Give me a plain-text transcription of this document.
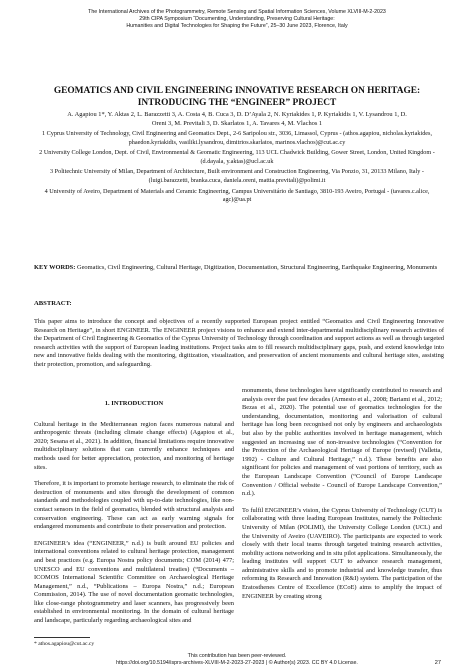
The International Archives of the Photogrammetry, Remote Sensing and Spatial Information Sciences, Volume XLVIII-M-2-2023
29th CIPA Symposium “Documenting, Understanding, Preserving Cultural Heritage:
Humanities and Digital Technologies for Shaping the Future”, 25–30 June 2023, Florence, Italy
GEOMATICS AND CIVIL ENGINEERING INNOVATIVE RESEARCH ON HERITAGE:
INTRODUCING THE “ENGINEER” PROJECT
A. Agapiou 1*, Y. Aktas 2, L. Barazzetti 3, A. Costa 4, B. Cuca 3, D. D’Ayala 2, N. Kyriakides 1, P. Kyriakidis 1, V. Lysandrou 1, D.
Oreni 3, M. Previtali 3, D. Skarlatos 1, A. Tavares 4, M. Vlachos 1
1 Cyprus University of Technology, Civil Engineering and Geomatics Dept., 2-6 Saripolou str., 3036, Limassol, Cyprus - (athos.agapiou, nicholas.kyriakides, phaedon.kyriakidis, vasiliki.lysandrou, dimitrios.skarlatos, marinos.vlachos)@cut.ac.cy
2 University College London, Dept. of Civil, Environmental & Geomatic Engineering, 113 UCL Chadwick Building, Gower Street, London, United Kingdom - (d.dayala, y.aktas)@ucl.ac.uk
3 Politechnic University of Milan, Department of Architecture, Built environment and Construction Engineering, Via Ponzio, 31, 20133 Milano, Italy - (luigi.barazzetti, branka.cuca, daniela.oreni, mattia.previtali)@polimi.it
4 University of Aveiro, Department of Materials and Ceramic Engineering, Campus Universitário de Santiago, 3810-193 Aveiro, Portugal - (tavares.c.alice, agc)@ua.pt
KEY WORDS: Geomatics, Civil Engineering, Cultural Heritage, Digitization, Documentation, Structural Engineering, Earthquake Engineering, Monuments
ABSTRACT:
This paper aims to introduce the concept and objectives of a recently supported European project entitled “Geomatics and Civil Engineering Innovative Research on Heritage”, in short ENGINEER. The ENGINEER project visions to enhance and extend inter-departmental multidisciplinary research activities of the Department of Civil Engineering & Geomatics of the Cyprus University of Technology through coordination and support actions as well as through targeted research activities with the support of European leading institutions. Project tasks aim to fill research multidisciplinary gaps, push, and extend knowledge into new and innovative fields dealing with the monitoring, digitization, visualization, and preservation of ancient monuments and cultural heritage sites, assisting their protection, promotion, and safeguarding.
1. INTRODUCTION

Cultural heritage in the Mediterranean region faces numerous natural and anthropogenic threats (including climate change effects) (Agapiou et al., 2020; Sesana et al., 2021). In addition, financial limitations require innovative multidisciplinary solutions that can currently enhance techniques and methods used for better appreciation, protection, and monitoring of heritage sites.

Therefore, it is important to promote heritage research, to eliminate the risk of destruction of monuments and sites through the development of common standards and methodologies coupled with up-to-date technologies, like non-contact sensors in the field of geomatics, blended with structural analysis and conservation engineering. These can act as early warning signals for endangered monuments and contribute to their preservation and protection.

ENGINEER’s idea (“ENGINEER,” n.d.) is built around EU policies and international conventions related to cultural heritage protection, management and best practices (e.g. Europa Nostra policy documents; COM (2014) 477; UNESCO and EU conventions and multilateral treaties) (“Documents – ICOMOS International Scientific Committee on Archaeological Heritage Management,” n.d., “Publications – Europa Nostra,” n.d.; European Commission, 2014). The use of novel documentation geomatic technologies, like close-range photogrammetry and laser scanners, has progressively been established in environmental monitoring. In the domain of cultural heritage and landscape, particularly regarding archaeological sites and

monuments, these technologies have significantly contributed to research and analysis over the past few decades (Armesto et al., 2008; Bariami et al., 2012; Bezas et al., 2020). The potential use of geomatics technologies for the understanding, documentation, monitoring and valorisation of cultural heritage has long been recognised not only by engineers and archaeologists but also by the public authorities involved in heritage management, which suggested an increasing use of non-invasive technologies (“Convention for the Protection of the Archaeological Heritage of Europe (revised) (Valletta, 1992) - Culture and Cultural Heritage,” n.d.). These benefits are also significant for policies and management of vast portions of territory, such as the European Landscape Convention (“Council of Europe Landscape Convention / Official website - Council of Europe Landscape Convention,” n.d.).

To fulfil ENGINEER’s vision, the Cyprus University of Technology (CUT) is collaborating with three leading European Institutes, namely the Politechnic University of Milan (POLIMI), the University College London (UCL) and the University of Aveiro (UAVEIRO). The participants are expected to work closely with their local teams through targeted training research activities, mobility actions networking and in situ pilot applications. Simultaneously, the leading institutes will support CUT to advance research management, administrative skills and to promote industrial and knowledge transfer, thus reforming its Research and Innovation (R&I) system. The participation of the Eratosthenes Centre of Excellence (ECoE) aims to amplify the impact of ENGINEER by creating strong

* athos.agapiou@cut.ac.cy
This contribution has been peer-reviewed.
https://doi.org/10.5194/isprs-archives-XLVIII-M-2-2023-27-2023 | © Author(s) 2023. CC BY 4.0 License.	27
